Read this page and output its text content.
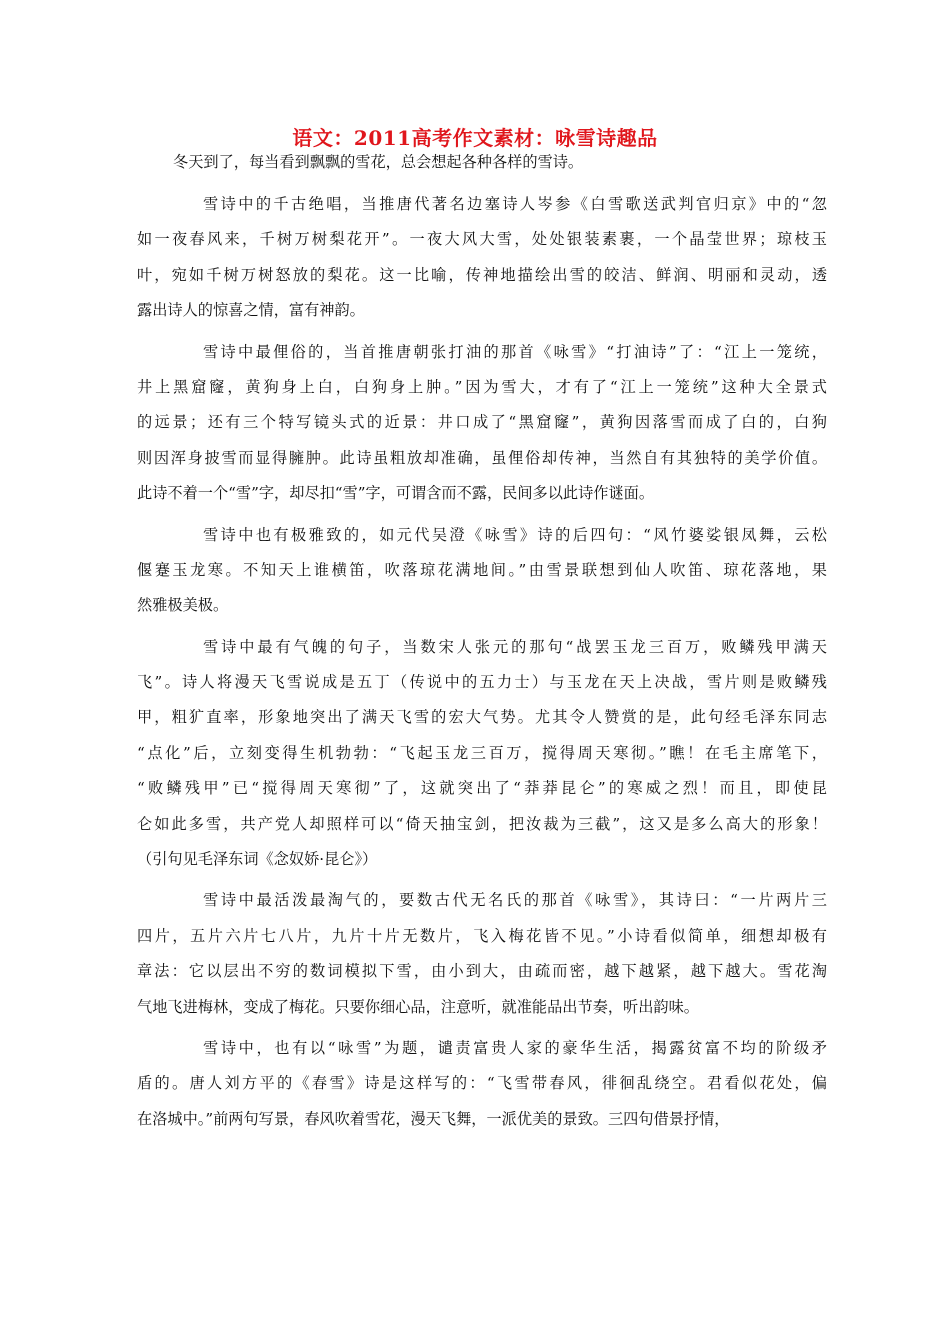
语文：2011高考作文素材：咏雪诗趣品
冬天到了，每当看到飘飘的雪花，总会想起各种各样的雪诗。
雪诗中的千古绝唱，当推唐代著名边塞诗人岑参《白雪歌送武判官归京》中的“忽
如一夜春风来，千树万树梨花开”。一夜大风大雪，处处银装素裹，一个晶莹世界；琼枝玉
叶，宛如千树万树怒放的梨花。这一比喻，传神地描绘出雪的皎洁、鲜润、明丽和灵动，透
露出诗人的惊喜之情，富有神韵。
雪诗中最俚俗的，当首推唐朝张打油的那首《咏雪》“打油诗”了：“江上一笼统，
井上黑窟窿，黄狗身上白，白狗身上肿。”因为雪大，才有了“江上一笼统”这种大全景式
的远景；还有三个特写镜头式的近景：井口成了“黑窟窿”，黄狗因落雪而成了白的，白狗
则因浑身披雪而显得臃肿。此诗虽粗放却准确，虽俚俗却传神，当然自有其独特的美学价值。
此诗不着一个“雪”字，却尽扣“雪”字，可谓含而不露，民间多以此诗作谜面。
雪诗中也有极雅致的，如元代吴澄《咏雪》诗的后四句：“风竹婆娑银凤舞，云松
偃蹇玉龙寒。不知天上谁横笛，吹落琼花满地间。”由雪景联想到仙人吹笛、琼花落地，果
然雅极美极。
雪诗中最有气魄的句子，当数宋人张元的那句“战罢玉龙三百万，败鳞残甲满天
飞”。诗人将漫天飞雪说成是五丁（传说中的五力士）与玉龙在天上决战，雪片则是败鳞残
甲，粗犷直率，形象地突出了满天飞雪的宏大气势。尤其令人赞赏的是，此句经毛泽东同志
“点化”后，立刻变得生机勃勃：“飞起玉龙三百万，搅得周天寒彻。”瞧！在毛主席笔下，
“败鳞残甲”已“搅得周天寒彻”了，这就突出了“莽莽昆仑”的寒威之烈！而且，即使昆
仑如此多雪，共产党人却照样可以“倚天抽宝剑，把汝裁为三截”，这又是多么高大的形象！
（引句见毛泽东词《念奴娇·昆仑》）
雪诗中最活泼最淘气的，要数古代无名氏的那首《咏雪》，其诗曰：“一片两片三
四片，五片六片七八片，九片十片无数片，飞入梅花皆不见。”小诗看似简单，细想却极有
章法：它以层出不穷的数词模拟下雪，由小到大，由疏而密，越下越紧，越下越大。雪花淘
气地飞进梅林，变成了梅花。只要你细心品，注意听，就准能品出节奏，听出韵味。
雪诗中，也有以“咏雪”为题，谴责富贵人家的豪华生活，揭露贫富不均的阶级矛
盾的。唐人刘方平的《春雪》诗是这样写的：“飞雪带春风，徘徊乱绕空。君看似花处，偏
在洛城中。”前两句写景，春风吹着雪花，漫天飞舞，一派优美的景致。三四句借景抒情，
